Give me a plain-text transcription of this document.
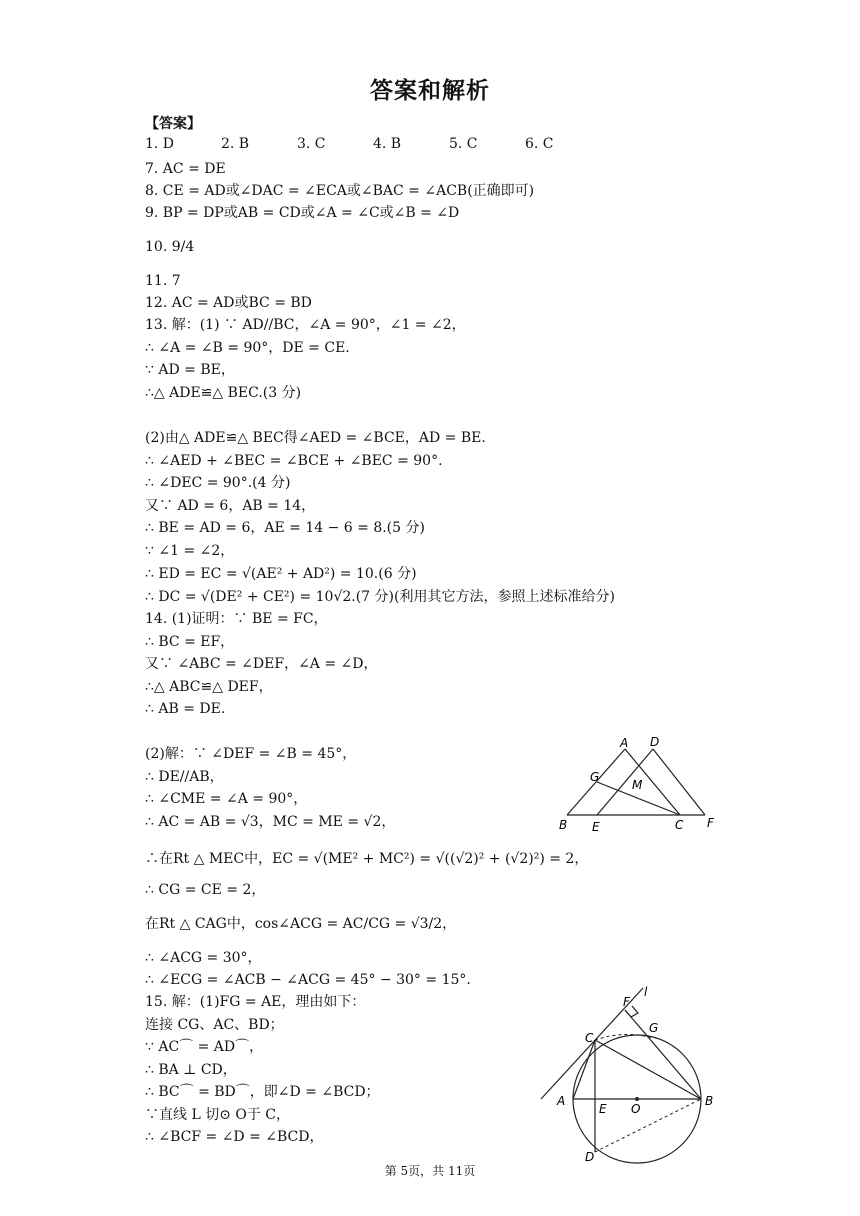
答案和解析
【答案】
1. D	2. B	3. C	4. B	5. C	6. C
7. AC = DE
8. CE = AD或∠DAC = ∠ECA或∠BAC = ∠ACB(正确即可)
9. BP = DP或AB = CD或∠A = ∠C或∠B = ∠D
10. 9/4
11. 7
12. AC = AD或BC = BD
13. 解：(1) ∵ AD//BC，∠A = 90°，∠1 = ∠2，
∴ ∠A = ∠B = 90°，DE = CE.
∵ AD = BE，
∴△ ADE≌△ BEC.(3 分)
(2)由△ ADE≌△ BEC得∠AED = ∠BCE，AD = BE.
∴ ∠AED + ∠BEC = ∠BCE + ∠BEC = 90°.
∴ ∠DEC = 90°.(4 分)
又∵ AD = 6，AB = 14，
∴ BE = AD = 6，AE = 14 − 6 = 8.(5 分)
∵ ∠1 = ∠2，
∴ ED = EC = √(AE² + AD²) = 10.(6 分)
∴ DC = √(DE² + CE²) = 10√2.(7 分)(利用其它方法，参照上述标准给分)
14. (1)证明：∵ BE = FC，
∴ BC = EF，
又∵ ∠ABC = ∠DEF，∠A = ∠D，
∴△ ABC≌△ DEF，
∴ AB = DE.
(2)解：∵ ∠DEF = ∠B = 45°，
∴ DE//AB，
∴ ∠CME = ∠A = 90°，
∴ AC = AB = √3，MC = ME = √2，
∴在Rt △ MEC中，EC = √(ME² + MC²) = √((√2)² + (√2)²) = 2，
∴ CG = CE = 2，
在Rt △ CAG中，cos∠ACG = AC/CG = √3/2，
∴ ∠ACG = 30°，
∴ ∠ECG = ∠ACB − ∠ACG = 45° − 30° = 15°.
15. 解：(1)FG = AE，理由如下：
连接 CG、AC、BD；
∵ AC⌒ = AD⌒，
∴ BA ⊥ CD，
∴ BC⌒ = BD⌒，即∠D = ∠BCD；
∵直线 L 切⊙ O于 C，
∴ ∠BCF = ∠D = ∠BCD，
A D
G
M
B E	C F
l
F
G
C
A
E O
B
D
第 5页，共 11页
